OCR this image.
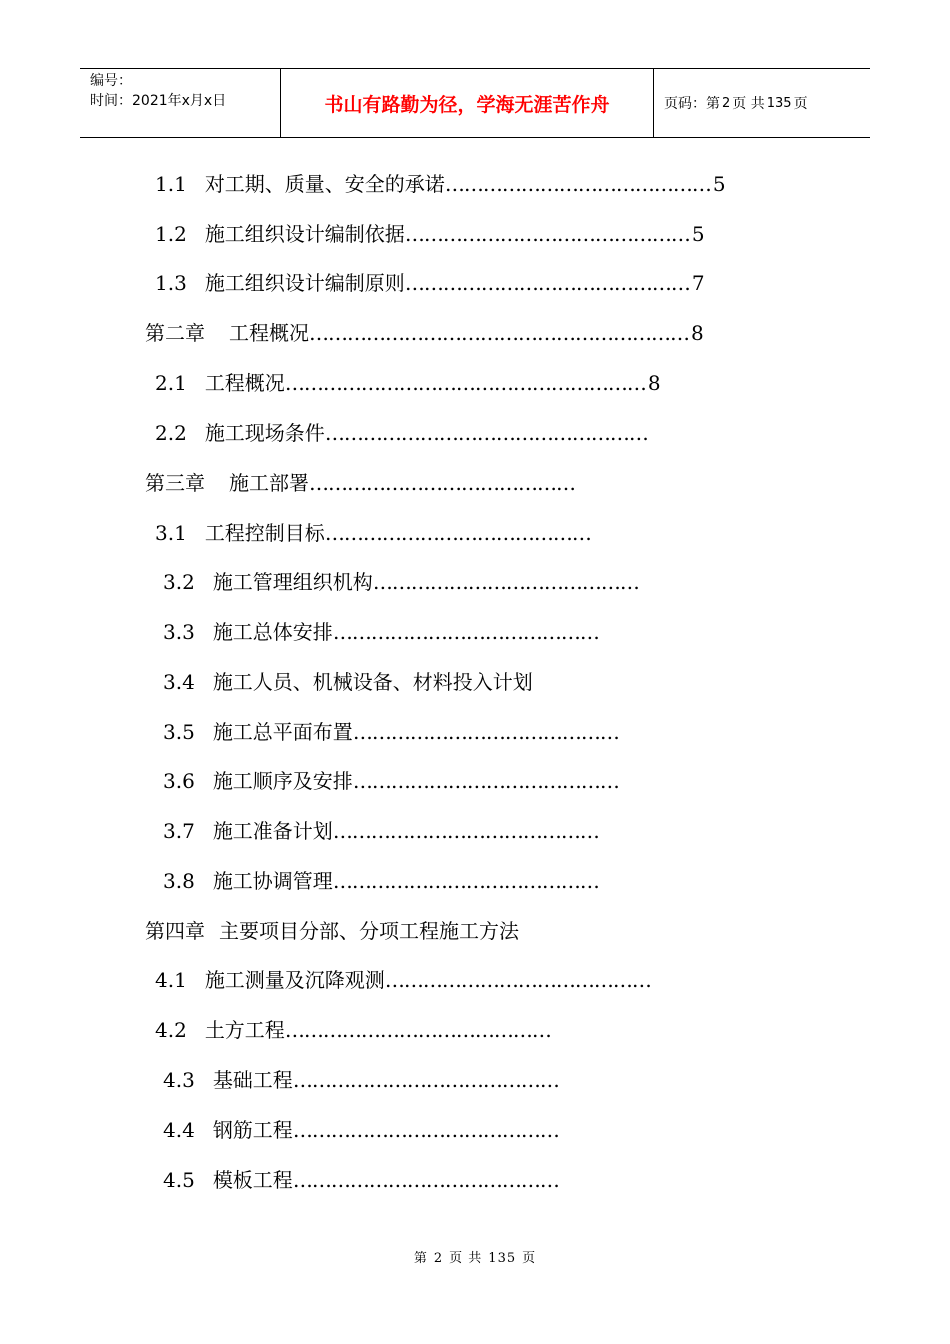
编号：
时间：2021年x月x日	书山有路勤为径，学海无涯苦作舟	页码：第 2 页 共 135 页
1.1 对工期、质量、安全的承诺…………………………………… 5
1.2 施工组织设计编制依据……………………………………… 5
1.3 施工组织设计编制原则……………………………………… 7
第二章 工程概况…………………………………………………… 8
2.1 工程概况………………………………………………… 8
2.2 施工现场条件……………………………………………
第三章 施工部署……………………………………
3.1 工程控制目标……………………………………
3.2 施工管理组织机构……………………………………
3.3 施工总体安排……………………………………
3.4 施工人员、机械设备、材料投入计划
3.5 施工总平面布置……………………………………
3.6 施工顺序及安排……………………………………
3.7 施工准备计划……………………………………
3.8 施工协调管理……………………………………
第四章 主要项目分部、分项工程施工方法
4.1 施工测量及沉降观测……………………………………
4.2 土方工程……………………………………
4.3 基础工程……………………………………
4.4 钢筋工程……………………………………
4.5 模板工程……………………………………
第 2 页 共 135 页
